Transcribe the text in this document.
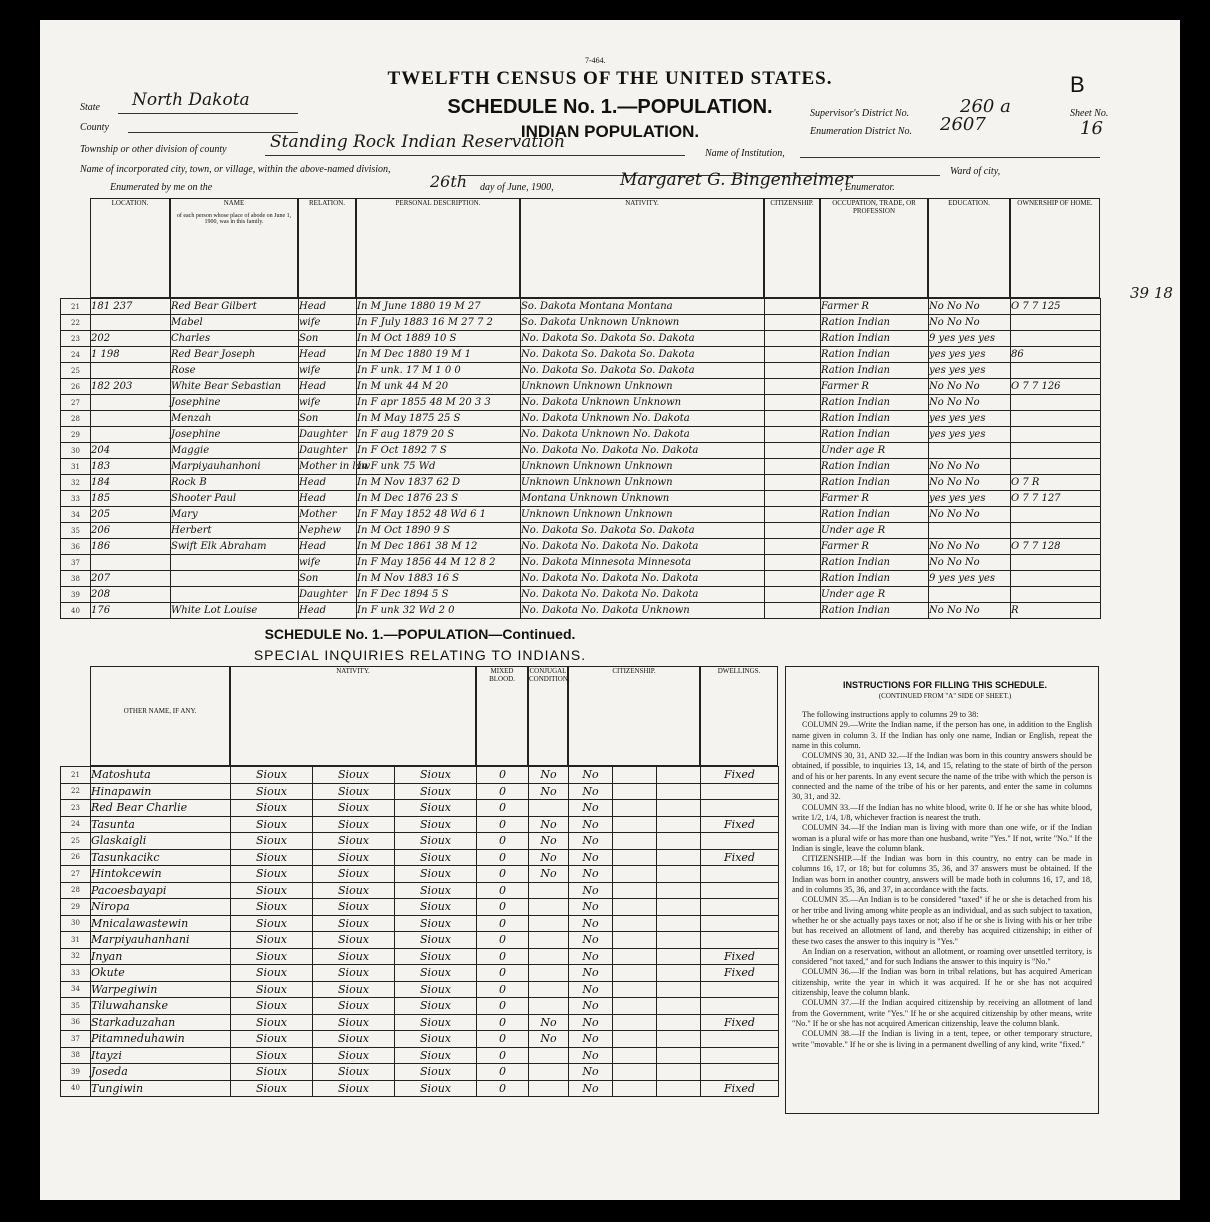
7-464.
TWELFTH CENSUS OF THE UNITED STATES.	B
SCHEDULE No. 1.—POPULATION.
INDIAN POPULATION.
State North Dakota
County
Supervisor's District No.	260 a
Enumeration District No. 2607
Sheet No.
16
Township or other division of county	Standing Rock Indian Reservation
Name of Institution,
Name of incorporated city, town, or village, within the above-named division,	Ward of city,
Enumerated by me on the	26th day of June, 1900,	Margaret G. Bingenheimer
, Enumerator.
LOCATION.	NAME
of each person whose place of abode on June 1, 1900, was in this family.
RELATION.	PERSONAL DESCRIPTION.	NATIVITY.	CITIZENSHIP.	OCCUPATION, TRADE, OR PROFESSION
EDUCATION.	OWNERSHIP OF HOME.
21	181 237	Red Bear Gilbert	Head	In M June 1880 19 M 27	So. Dakota Montana Montana		Farmer R	No No No	O 7 7 125
22		Mabel	wife	In F July 1883 16 M 27 7 2	So. Dakota Unknown Unknown		Ration Indian	No No No	
23	202	Charles	Son	In M Oct 1889 10 S	No. Dakota So. Dakota So. Dakota		Ration Indian	9 yes yes yes	
24	1 198	Red Bear Joseph	Head	In M Dec 1880 19 M 1	No. Dakota So. Dakota So. Dakota		Ration Indian	yes yes yes	86
25		Rose	wife	In F unk. 17 M 1 0 0	No. Dakota So. Dakota So. Dakota		Ration Indian	yes yes yes	
26	182 203	White Bear Sebastian	Head	In M unk 44 M 20	Unknown Unknown Unknown		Farmer R	No No No	O 7 7 126
27		Josephine	wife	In F apr 1855 48 M 20 3 3	No. Dakota Unknown Unknown		Ration Indian	No No No	
28		Menzah	Son	In M May 1875 25 S	No. Dakota Unknown No. Dakota		Ration Indian	yes yes yes	
29		Josephine	Daughter	In F aug 1879 20 S	No. Dakota Unknown No. Dakota		Ration Indian	yes yes yes	
30	204	Maggie	Daughter	In F Oct 1892 7 S	No. Dakota No. Dakota No. Dakota		Under age R		
31	183	Marpiyauhanhoni	Mother in law	In F unk 75 Wd	Unknown Unknown Unknown		Ration Indian	No No No	
32	184	Rock B	Head	In M Nov 1837 62 D	Unknown Unknown Unknown		Ration Indian	No No No	O 7 R
33	185	Shooter Paul	Head	In M Dec 1876 23 S	Montana Unknown Unknown		Farmer R	yes yes yes	O 7 7 127
34	205	Mary	Mother	In F May 1852 48 Wd 6 1	Unknown Unknown Unknown		Ration Indian	No No No	
35	206	Herbert	Nephew	In M Oct 1890 9 S	No. Dakota So. Dakota So. Dakota		Under age R		
36	186	Swift Elk Abraham	Head	In M Dec 1861 38 M 12	No. Dakota No. Dakota No. Dakota		Farmer R	No No No	O 7 7 128
37			wife	In F May 1856 44 M 12 8 2	No. Dakota Minnesota Minnesota		Ration Indian	No No No	
38	207		Son	In M Nov 1883 16 S	No. Dakota No. Dakota No. Dakota		Ration Indian	9 yes yes yes	
39	208		Daughter	In F Dec 1894 5 S	No. Dakota No. Dakota No. Dakota		Under age R		
40	176	White Lot Louise	Head	In F unk 32 Wd 2 0	No. Dakota No. Dakota Unknown		Ration Indian	No No No	R
SCHEDULE No. 1.—POPULATION—Continued.
SPECIAL INQUIRIES RELATING TO INDIANS.
OTHER NAME, IF ANY.
NATIVITY.	MIXED BLOOD.
CONJUGAL CONDITION.
CITIZENSHIP.	DWELLINGS.
21	Matoshuta	Sioux	Sioux	Sioux	0	No	No			Fixed
22	Hinapawin	Sioux	Sioux	Sioux	0	No	No			
23	Red Bear Charlie	Sioux	Sioux	Sioux	0		No			
24	Tasunta	Sioux	Sioux	Sioux	0	No	No			Fixed
25	Glaskaigli	Sioux	Sioux	Sioux	0	No	No			
26	Tasunkacikc	Sioux	Sioux	Sioux	0	No	No			Fixed
27	Hintokcewin	Sioux	Sioux	Sioux	0	No	No			
28	Pacoesbayapi	Sioux	Sioux	Sioux	0		No			
29	Niropa	Sioux	Sioux	Sioux	0		No			
30	Mnicalawastewin	Sioux	Sioux	Sioux	0		No			
31	Marpiyauhanhani	Sioux	Sioux	Sioux	0		No			
32	Inyan	Sioux	Sioux	Sioux	0		No			Fixed
33	Okute	Sioux	Sioux	Sioux	0		No			Fixed
34	Warpegiwin	Sioux	Sioux	Sioux	0		No			
35	Tiluwahanske	Sioux	Sioux	Sioux	0		No			
36	Starkaduzahan	Sioux	Sioux	Sioux	0	No	No			Fixed
37	Pitamneduhawin	Sioux	Sioux	Sioux	0	No	No			
38	Itayzi	Sioux	Sioux	Sioux	0		No			
39	Joseda	Sioux	Sioux	Sioux	0		No			
40	Tungiwin	Sioux	Sioux	Sioux	0		No			Fixed
INSTRUCTIONS FOR FILLING THIS SCHEDULE.
(CONTINUED FROM "A" SIDE OF SHEET.)
The following instructions apply to columns 29 to 38:
COLUMN 29.—Write the Indian name, if the person has one, in addition to the English name given in column 3. If the Indian has only one name, Indian or English, repeat the name in this column.
COLUMNS 30, 31, AND 32.—If the Indian was born in this country answers should be obtained, if possible, to inquiries 13, 14, and 15, relating to the state of birth of the person and of his or her parents. In any event secure the name of the tribe with which the person is connected and the name of the tribe of his or her parents, and enter the same in columns 30, 31, and 32.
COLUMN 33.—If the Indian has no white blood, write 0. If he or she has white blood, write 1/2, 1/4, 1/8, whichever fraction is nearest the truth.
COLUMN 34.—If the Indian man is living with more than one wife, or if the Indian woman is a plural wife or has more than one husband, write "Yes." If not, write "No." If the Indian is single, leave the column blank.
CITIZENSHIP.—If the Indian was born in this country, no entry can be made in columns 16, 17, or 18; but for columns 35, 36, and 37 answers must be obtained. If the Indian was born in another country, answers will be made both in columns 16, 17, and 18, and in columns 35, 36, and 37, in accordance with the facts.
COLUMN 35.—An Indian is to be considered "taxed" if he or she is detached from his or her tribe and living among white people as an individual, and as such subject to taxation, whether he or she actually pays taxes or not; also if he or she is living with his or her tribe but has received an allotment of land, and thereby has acquired citizenship; in either of these two cases the answer to this inquiry is "Yes."
An Indian on a reservation, without an allotment, or roaming over unsettled territory, is considered "not taxed," and for such Indians the answer to this inquiry is "No."
COLUMN 36.—If the Indian was born in tribal relations, but has acquired American citizenship, write the year in which it was acquired. If he or she has not acquired citizenship, leave the column blank.
COLUMN 37.—If the Indian acquired citizenship by receiving an allotment of land from the Government, write "Yes." If he or she acquired citizenship by other means, write "No." If he or she has not acquired American citizenship, leave the column blank.
COLUMN 38.—If the Indian is living in a tent, tepee, or other temporary structure, write "movable." If he or she is living in a permanent dwelling of any kind, write "fixed."
39 18
